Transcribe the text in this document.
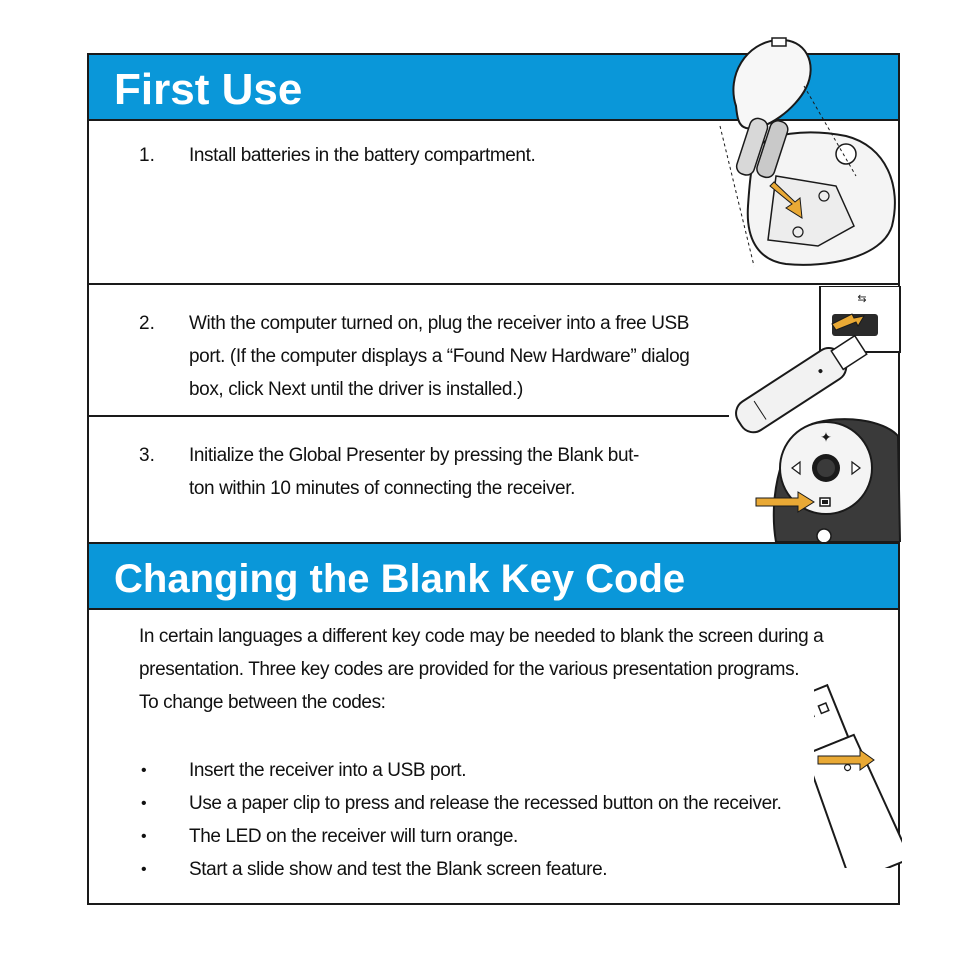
First Use
1. Install batteries in the battery compartment.
2. With the computer turned on, plug the receiver into a free USB
port. (If the computer displays a “Found New Hardware” dialog
box, click Next until the driver is installed.)
3. Initialize the Global Presenter by pressing the Blank but-
ton within 10 minutes of connecting the receiver.
Changing the Blank Key Code

In certain languages a different key code may be needed to blank the screen during a

presentation. Three key codes are provided for the various presentation programs.

To change between the codes:

• Insert the receiver into a USB port.
• Use a paper clip to press and release the recessed button on the receiver.
• The LED on the receiver will turn orange.
• Start a slide show and test the Blank screen feature.
⇆
✦
